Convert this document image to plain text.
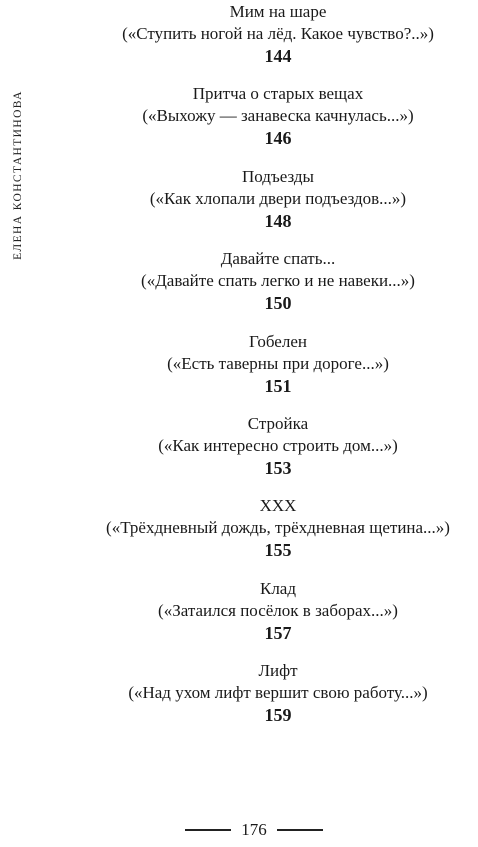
ЕЛЕНА КОНСТАНТИНОВА
Мим на шаре
(«Ступить ногой на лёд. Какое чувство?..»)
144
Притча о старых вещах
(«Выхожу — занавеска качнулась...»)
146
Подъезды
(«Как хлопали двери подъездов...»)
148
Давайте спать...
(«Давайте спать легко и не навеки...»)
150
Гобелен
(«Есть таверны при дороге...»)
151
Стройка
(«Как интересно строить дом...»)
153
XXX
(«Трёхдневный дождь, трёхдневная щетина...»)
155
Клад
(«Затаился посёлок в заборах...»)
157
Лифт
(«Над ухом лифт вершит свою работу...»)
159
176
